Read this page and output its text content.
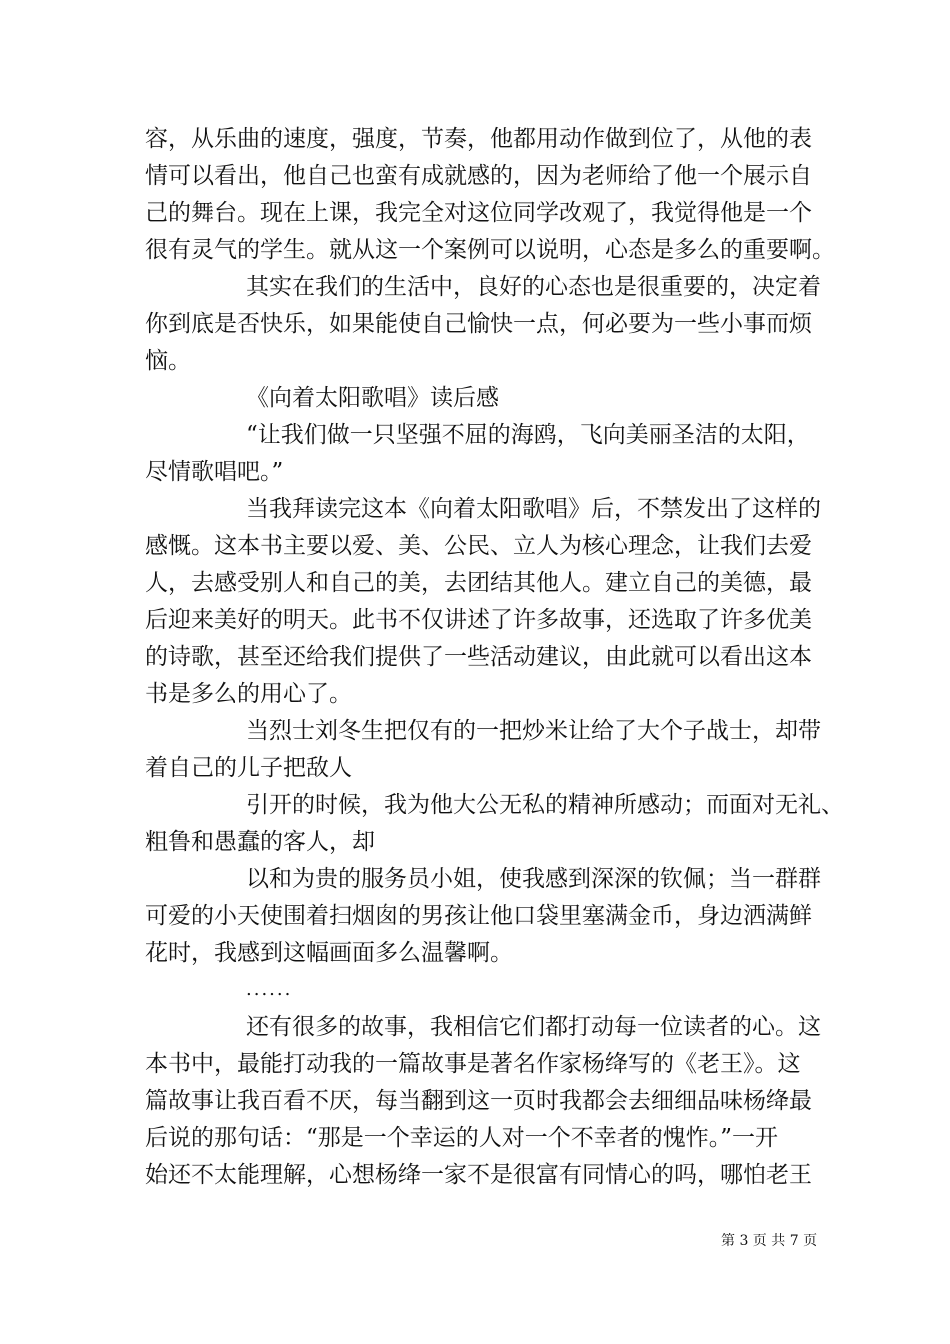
容，从乐曲的速度，强度，节奏，他都用动作做到位了，从他的表
情可以看出，他自己也蛮有成就感的，因为老师给了他一个展示自
己的舞台。现在上课，我完全对这位同学改观了，我觉得他是一个
很有灵气的学生。就从这一个案例可以说明，心态是多么的重要啊。
其实在我们的生活中，良好的心态也是很重要的，决定着
你到底是否快乐，如果能使自己愉快一点，何必要为一些小事而烦
恼。
《向着太阳歌唱》读后感
“让我们做一只坚强不屈的海鸥，飞向美丽圣洁的太阳，
尽情歌唱吧。”
当我拜读完这本《向着太阳歌唱》后，不禁发出了这样的
感慨。这本书主要以爱、美、公民、立人为核心理念，让我们去爱
人，去感受别人和自己的美，去团结其他人。建立自己的美德，最
后迎来美好的明天。此书不仅讲述了许多故事，还选取了许多优美
的诗歌，甚至还给我们提供了一些活动建议，由此就可以看出这本
书是多么的用心了。
当烈士刘冬生把仅有的一把炒米让给了大个子战士，却带
着自己的儿子把敌人
引开的时候，我为他大公无私的精神所感动；而面对无礼、
粗鲁和愚蠢的客人，却
以和为贵的服务员小姐，使我感到深深的钦佩；当一群群
可爱的小天使围着扫烟囱的男孩让他口袋里塞满金币，身边洒满鲜
花时，我感到这幅画面多么温馨啊。
......
还有很多的故事，我相信它们都打动每一位读者的心。这
本书中，最能打动我的一篇故事是著名作家杨绛写的《老王》。这
篇故事让我百看不厌，每当翻到这一页时我都会去细细品味杨绛最
后说的那句话：“那是一个幸运的人对一个不幸者的愧怍。”一开
始还不太能理解，心想杨绛一家不是很富有同情心的吗，哪怕老王
第 3 页 共 7 页
